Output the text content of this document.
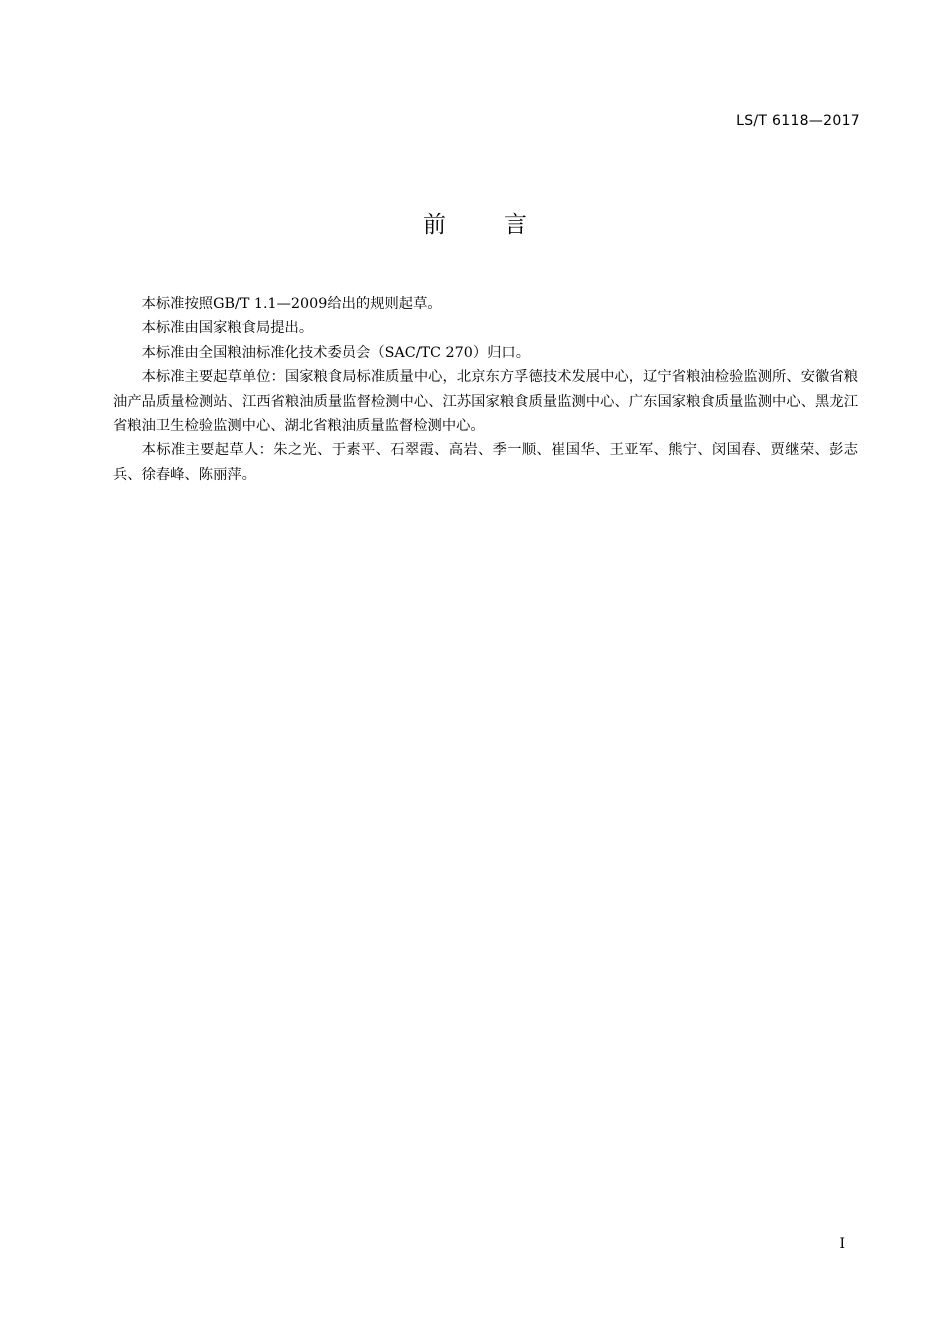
LS/T 6118—2017
前言

本标准按照GB/T 1.1—2009给出的规则起草。

本标准由国家粮食局提出。

本标准由全国粮油标准化技术委员会（SAC/TC 270）归口。

本标准主要起草单位：国家粮食局标准质量中心，北京东方孚德技术发展中心，辽宁省粮油检验监测所、安徽省粮油产品质量检测站、江西省粮油质量监督检测中心、江苏国家粮食质量监测中心、广东国家粮食质量监测中心、黑龙江省粮油卫生检验监测中心、湖北省粮油质量监督检测中心。

本标准主要起草人：朱之光、于素平、石翠霞、高岩、季一顺、崔国华、王亚军、熊宁、闵国春、贾继荣、彭志兵、徐春峰、陈丽萍。

I
